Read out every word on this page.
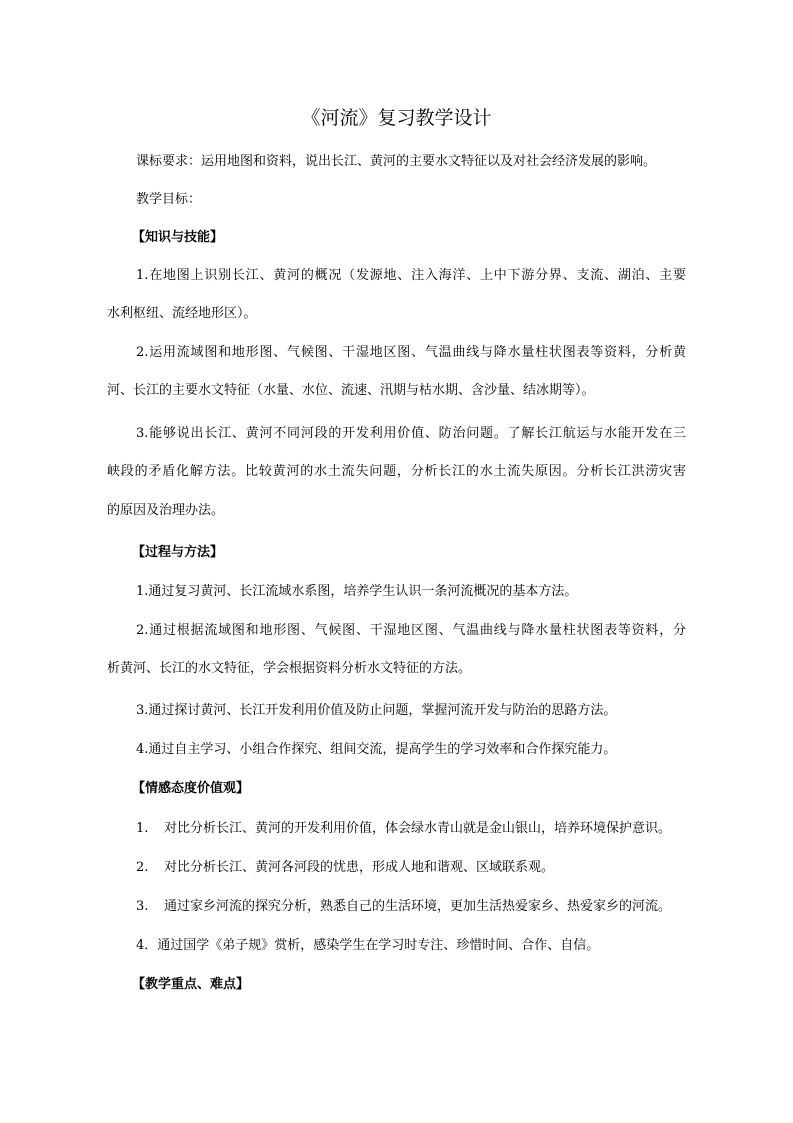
《河流》复习教学设计
课标要求：运用地图和资料，说出长江、黄河的主要水文特征以及对社会经济发展的影响。
教学目标：
【知识与技能】
1.在地图上识别长江、黄河的概况（发源地、注入海洋、上中下游分界、支流、湖泊、主要
水利枢纽、流经地形区）。
2.运用流域图和地形图、气候图、干湿地区图、气温曲线与降水量柱状图表等资料，分析黄
河、长江的主要水文特征（水量、水位、流速、汛期与枯水期、含沙量、结冰期等）。
3.能够说出长江、黄河不同河段的开发利用价值、防治问题。了解长江航运与水能开发在三
峡段的矛盾化解方法。比较黄河的水土流失问题，分析长江的水土流失原因。分析长江洪涝灾害
的原因及治理办法。
【过程与方法】
1.通过复习黄河、长江流域水系图，培养学生认识一条河流概况的基本方法。
2.通过根据流域图和地形图、气候图、干湿地区图、气温曲线与降水量柱状图表等资料，分
析黄河、长江的水文特征，学会根据资料分析水文特征的方法。
3.通过探讨黄河、长江开发利用价值及防止问题，掌握河流开发与防治的思路方法。
4.通过自主学习、小组合作探究、组间交流，提高学生的学习效率和合作探究能力。
【情感态度价值观】
1. 对比分析长江、黄河的开发利用价值，体会绿水青山就是金山银山，培养环境保护意识。
2. 对比分析长江、黄河各河段的忧患，形成人地和谐观、区域联系观。
3. 通过家乡河流的探究分析，熟悉自己的生活环境，更加生活热爱家乡、热爱家乡的河流。
4．通过国学《弟子规》赏析，感染学生在学习时专注、珍惜时间、合作、自信。
【教学重点、难点】
